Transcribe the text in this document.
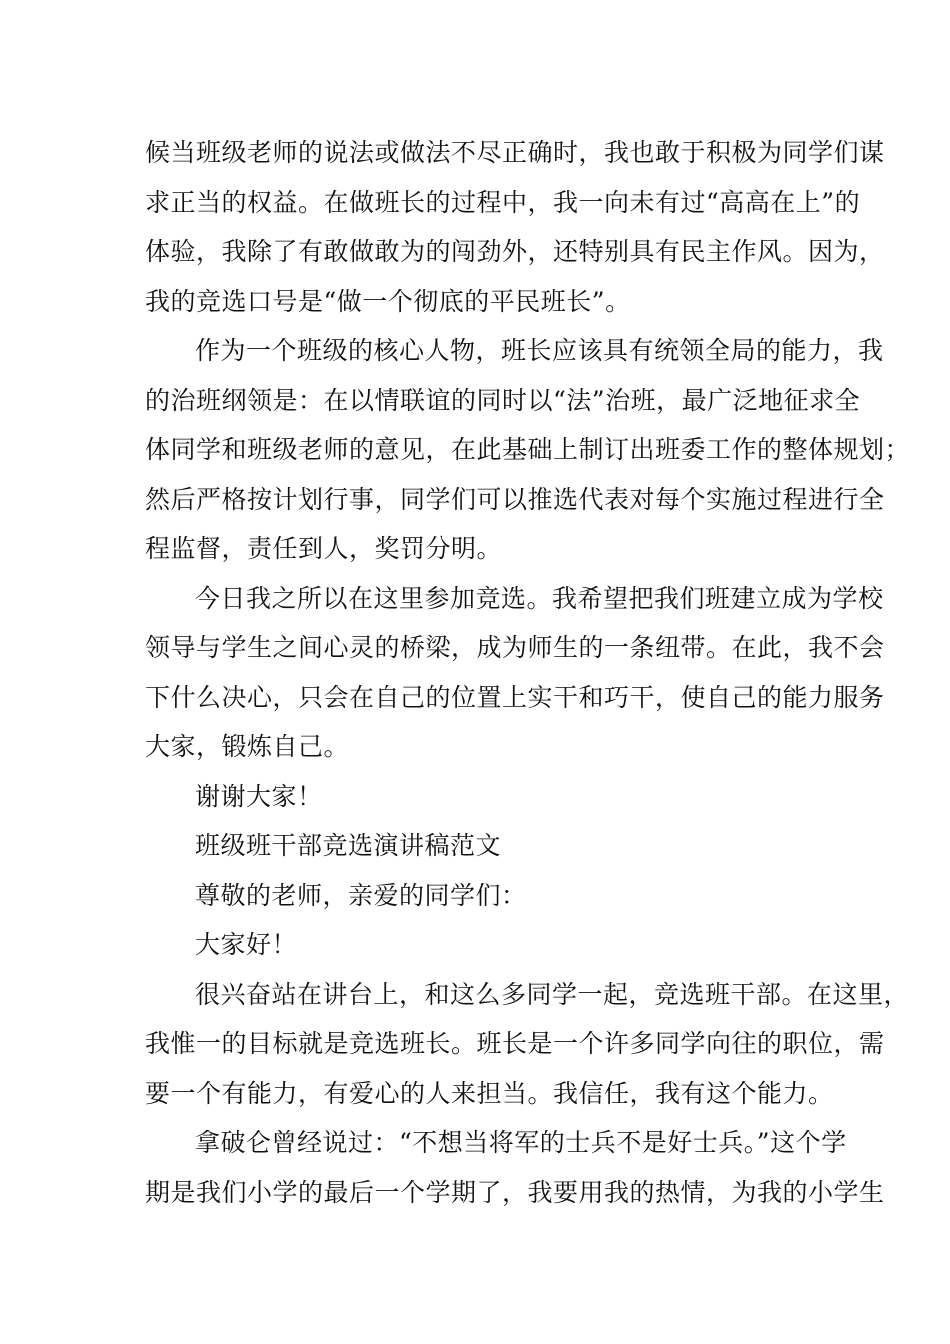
候当班级老师的说法或做法不尽正确时，我也敢于积极为同学们谋
求正当的权益。在做班长的过程中，我一向未有过“高高在上”的
体验，我除了有敢做敢为的闯劲外，还特别具有民主作风。因为，
我的竞选口号是“做一个彻底的平民班长”。

作为一个班级的核心人物，班长应该具有统领全局的能力，我
的治班纲领是：在以情联谊的同时以“法”治班，最广泛地征求全
体同学和班级老师的意见，在此基础上制订出班委工作的整体规划；
然后严格按计划行事，同学们可以推选代表对每个实施过程进行全
程监督，责任到人，奖罚分明。

今日我之所以在这里参加竞选。我希望把我们班建立成为学校
领导与学生之间心灵的桥梁，成为师生的一条纽带。在此，我不会
下什么决心，只会在自己的位置上实干和巧干，使自己的能力服务
大家，锻炼自己。

谢谢大家！

班级班干部竞选演讲稿范文

尊敬的老师，亲爱的同学们：

大家好！

很兴奋站在讲台上，和这么多同学一起，竞选班干部。在这里，
我惟一的目标就是竞选班长。班长是一个许多同学向往的职位，需
要一个有能力，有爱心的人来担当。我信任，我有这个能力。

拿破仑曾经说过：“不想当将军的士兵不是好士兵。”这个学
期是我们小学的最后一个学期了，我要用我的热情，为我的小学生
